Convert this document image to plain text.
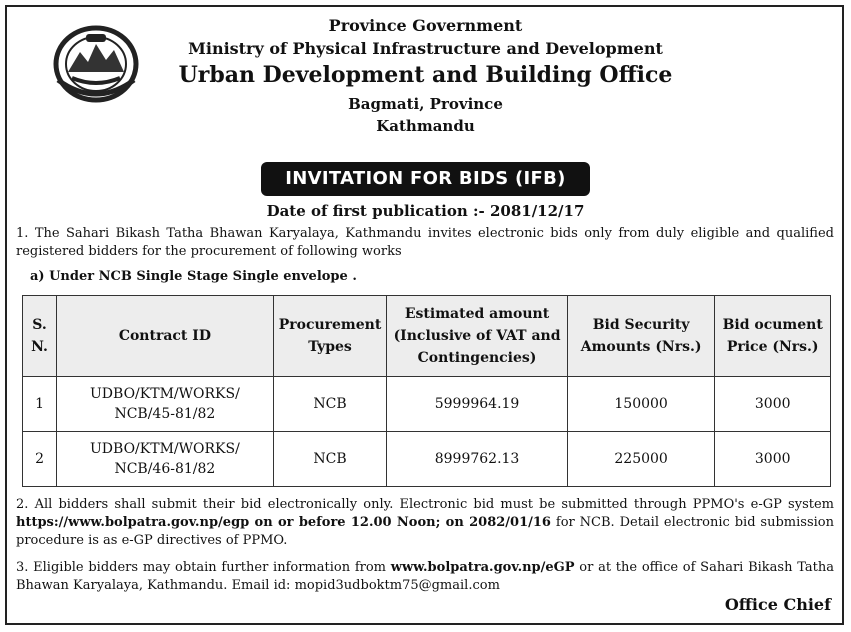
Province Government
Ministry of Physical Infrastructure and Development
Urban Development and Building Office
Bagmati, Province
Kathmandu
INVITATION FOR BIDS (IFB)
Date of first publication :- 2081/12/17
1. The Sahari Bikash Tatha Bhawan Karyalaya, Kathmandu invites electronic bids only from duly eligible and qualified registered bidders for the procurement of following works
a) Under NCB Single Stage Single envelope .
S. N.	Contract ID	Procurement Types	Estimated amount (Inclusive of VAT and Contingencies)	Bid Security Amounts (Nrs.)	Bid ocument Price (Nrs.)
1	UDBO/KTM/WORKS/ NCB/45-81/82	NCB	5999964.19	150000	3000
2	UDBO/KTM/WORKS/ NCB/46-81/82	NCB	8999762.13	225000	3000
2. All bidders shall submit their bid electronically only. Electronic bid must be submitted through PPMO's e-GP system https://www.bolpatra.gov.np/egp on or before 12.00 Noon; on 2082/01/16 for NCB. Detail electronic bid submission procedure is as e-GP directives of PPMO.
3. Eligible bidders may obtain further information from www.bolpatra.gov.np/eGP or at the office of Sahari Bikash Tatha Bhawan Karyalaya, Kathmandu. Email id: mopid3udboktm75@gmail.com
Office Chief
